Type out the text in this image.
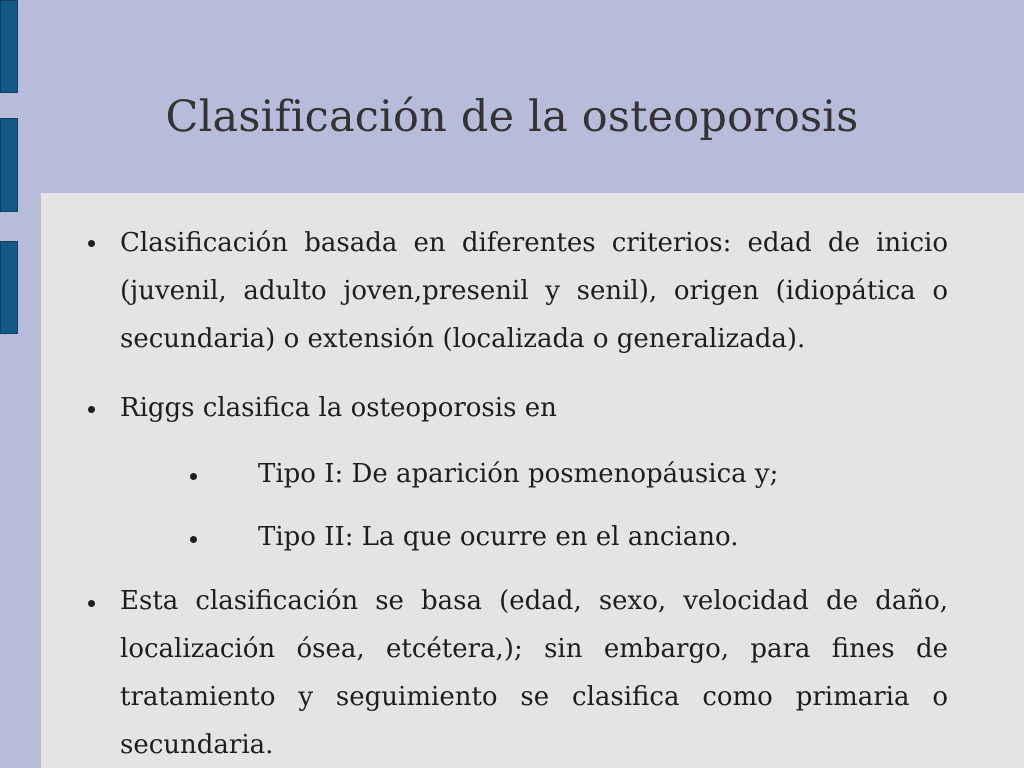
Clasificación de la osteoporosis
Clasificación basada en diferentes criterios: edad de inicio (juvenil, adulto joven,presenil y senil), origen (idiopática o secundaria) o extensión (localizada o generalizada).
Riggs clasifica la osteoporosis en
Tipo I: De aparición posmenopáusica y;
Tipo II: La que ocurre en el anciano.
Esta clasificación se basa (edad, sexo, velocidad de daño, localización ósea, etcétera,); sin embargo, para fines de tratamiento y seguimiento se clasifica como primaria o secundaria.
